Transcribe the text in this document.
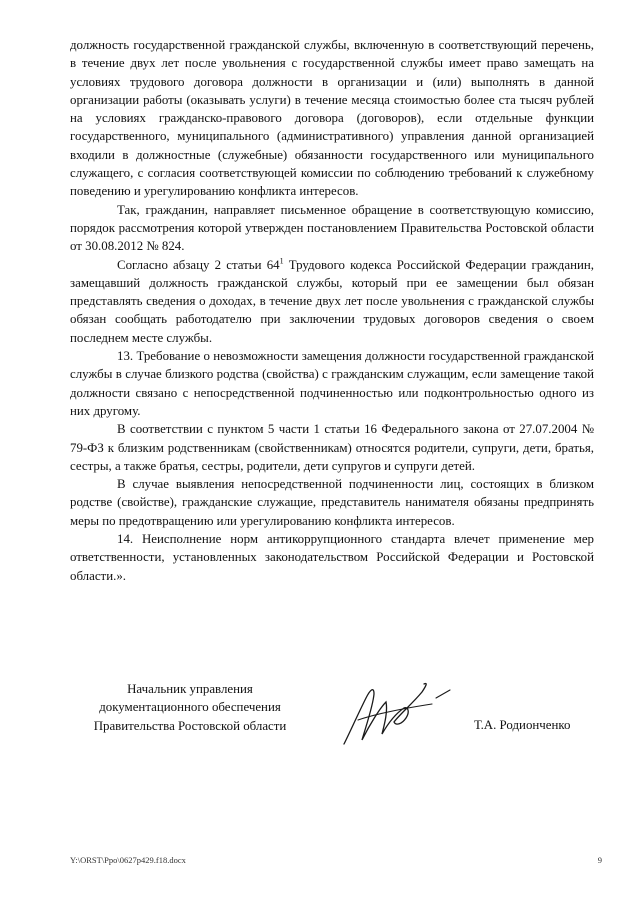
должность государственной гражданской службы, включенную в соответствующий перечень, в течение двух лет после увольнения с государственной службы имеет право замещать на условиях трудового договора должности в организации и (или) выполнять в данной организации работы (оказывать услуги) в течение месяца стоимостью более ста тысяч рублей на условиях гражданско-правового договора (договоров), если отдельные функции государственного, муниципального (административного) управления данной организацией входили в должностные (служебные) обязанности государственного или муниципального служащего, с согласия соответствующей комиссии по соблюдению требований к служебному поведению и урегулированию конфликта интересов.

Так, гражданин, направляет письменное обращение в соответствующую комиссию, порядок рассмотрения которой утвержден постановлением Правительства Ростовской области от 30.08.2012 № 824.

Согласно абзацу 2 статьи $64^1$ Трудового кодекса Российской Федерации гражданин, замещавший должность гражданской службы, который при ее замещении был обязан представлять сведения о доходах, в течение двух лет после увольнения с гражданской службы обязан сообщать работодателю при заключении трудовых договоров сведения о своем последнем месте службы.

13. Требование о невозможности замещения должности государственной гражданской службы в случае близкого родства (свойства) с гражданским служащим, если замещение такой должности связано с непосредственной подчиненностью или подконтрольностью одного из них другому.

В соответствии с пунктом 5 части 1 статьи 16 Федерального закона от 27.07.2004 № 79-ФЗ к близким родственникам (свойственникам) относятся родители, супруги, дети, братья, сестры, а также братья, сестры, родители, дети супругов и супруги детей.

В случае выявления непосредственной подчиненности лиц, состоящих в близком родстве (свойстве), гражданские служащие, представитель нанимателя обязаны предпринять меры по предотвращению или урегулированию конфликта интересов.

14. Неисполнение норм антикоррупционного стандарта влечет применение мер ответственности, установленных законодательством Российской Федерации и Ростовской области.».

Начальник управления
документационного обеспечения
Правительства Ростовской области	Т.А. Родионченко
Y:\ORST\Ppo\0627p429.f18.docx	9
